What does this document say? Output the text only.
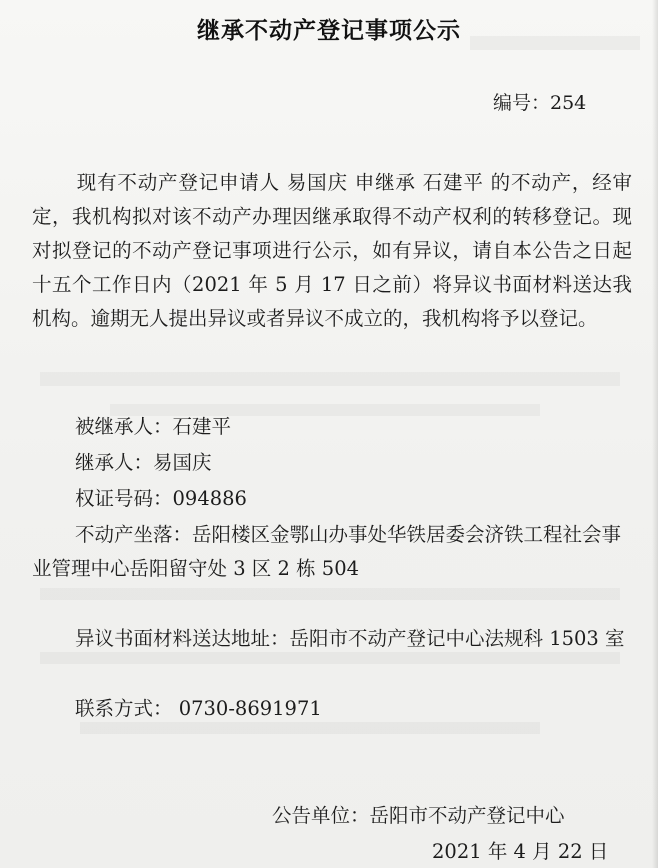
继承不动产登记事项公示
编号：254
现有不动产登记申请人 易国庆 申继承 石建平 的不动产，经审定，我机构拟对该不动产办理因继承取得不动产权利的转移登记。现对拟登记的不动产登记事项进行公示，如有异议，请自本公告之日起十五个工作日内（2021 年 5 月 17 日之前）将异议书面材料送达我机构。逾期无人提出异议或者异议不成立的，我机构将予以登记。
被继承人：石建平
继承人：易国庆
权证号码：094886
不动产坐落：岳阳楼区金鄂山办事处华铁居委会济铁工程社会事业管理中心岳阳留守处 3 区 2 栋 504
异议书面材料送达地址：岳阳市不动产登记中心法规科 1503 室
联系方式： 0730-8691971
公告单位：岳阳市不动产登记中心
2021 年 4 月 22 日
